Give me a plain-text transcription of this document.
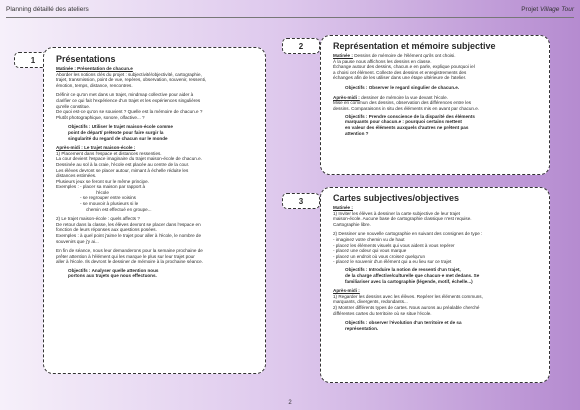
Planning détaillé des ateliers	Projet Village Tour
1	Présentations

Matinée : Présentation de chacun.e

Aborder les notions clés du projet : subjectivité/objectivité, cartographie,

trajet, transmission, point de vue, repères, observation, souvenir, ressenti,

émotion, temps, distance, rencontres.

Définir ce qu'on met dans un trajet, mindmap collective pour aider à

clarifier ce qui fait l'expérience d'un trajet et les expériences singulières

qu'elle constitue.

De quoi est-ce qu'on se souvient ? Quelle est la mémoire de chacun.e ?

Plutôt photographique, sonore, olfactive... ?

Objectifs : Utiliser le trajet maison-école comme

point de départ/ prétexte pour faire surgir la

singularité du regard de chacun sur le monde

Après-midi : Le trajet maison-école :

1) Placement dans l'espace et distances ressenties.

La cour devient l'espace imaginaire du trajet maison-école de chacun.e.

Dessinée au sol à la craie, l'école est placée au centre de la cour.

Les élèves devront se placer autour, mimant à échelle réduite les

distances estimées.

Plusieurs jeux se feront sur le même principe.

Exemples : - placer sa maison par rapport à

l'école

- se regrouper entre voisins

- se mouvoir à plusieurs si le

chemin est effectué en groupe...

2) Le trajet maison-école : quels affects ?

De retour dans la classe, les élèves devront se placer dans l'espace en

fonction de leurs réponses aux questions posées.

Exemples : à quel point j'aime le trajet pour aller à l'école, le nombre de

souvenirs que j'y ai...

En fin de séance, nous leur demanderons pour la semaine prochaine de

prêter attention à l'élément qui les marque le plus sur leur trajet pour

aller à l'école. Ils devront le dessiner de mémoire à la prochaine séance.

Objectifs : Analyser quelle attention nous

portons aux trajets que nous effectuons.

2	Représentation et mémoire subjective

Matinée : Dessins de mémoire de l'élément qu'ils ont choisi.

À la pause nous affichons les dessins en classe.

Échange autour des dessins, chacun.e en parle, explique pourquoi iel

a choisi cet élément. Collecte des dessins et enregistrements des

échanges afin de les utiliser dans une étape ultérieure de l'atelier.

Objectifs : Observer le regard singulier de chacun.e.

Après-midi : dessiner de mémoire la vue devant l'école.

Mise en commun des dessins, observation des différences entre les

dessins. Comparaisons in situ des éléments mis en avant par chacun.e.

Objectifs : Prendre conscience de la disparité des éléments

marquants pour chacun.e : pourquoi certains mettent

en valeur des éléments auxquels d'autres ne prêtent pas

attention ?

3	Cartes subjectives/objectives

Matinée :

1) Inviter les élèves à dessiner la carte subjective de leur trajet

maison-école. Aucune base de cartographie classique n'est requise.

Cartographie libre.

2) Dessiner une nouvelle cartographie en suivant des consignes de type :

- imaginez votre chemin vu de haut

- placez les éléments visuels qui vous aident à vous repérer

- placez une odeur qui vous marque

- placez un endroit où vous croisez quelqu'un

- placez le souvenir d'un élément qui a eu lieu sur ce trajet

Objectifs : Introduire la notion de ressenti d'un trajet,

de la charge affective/culturelle que chacun·e met dedans. Se

familiariser avec la cartographie (légende, motif, échelle...)

Après-midi :

1) Regarder les dessins avec les élèves. Repérer les éléments communs,

marquants, divergents, redondants...

2) Montrer différents types de cartes. Nous aurons au préalable cherché

différentes cartes du territoire où se situe l'école.

Objectifs : observer l'évolution d'un territoire et de sa

représentation.

2
